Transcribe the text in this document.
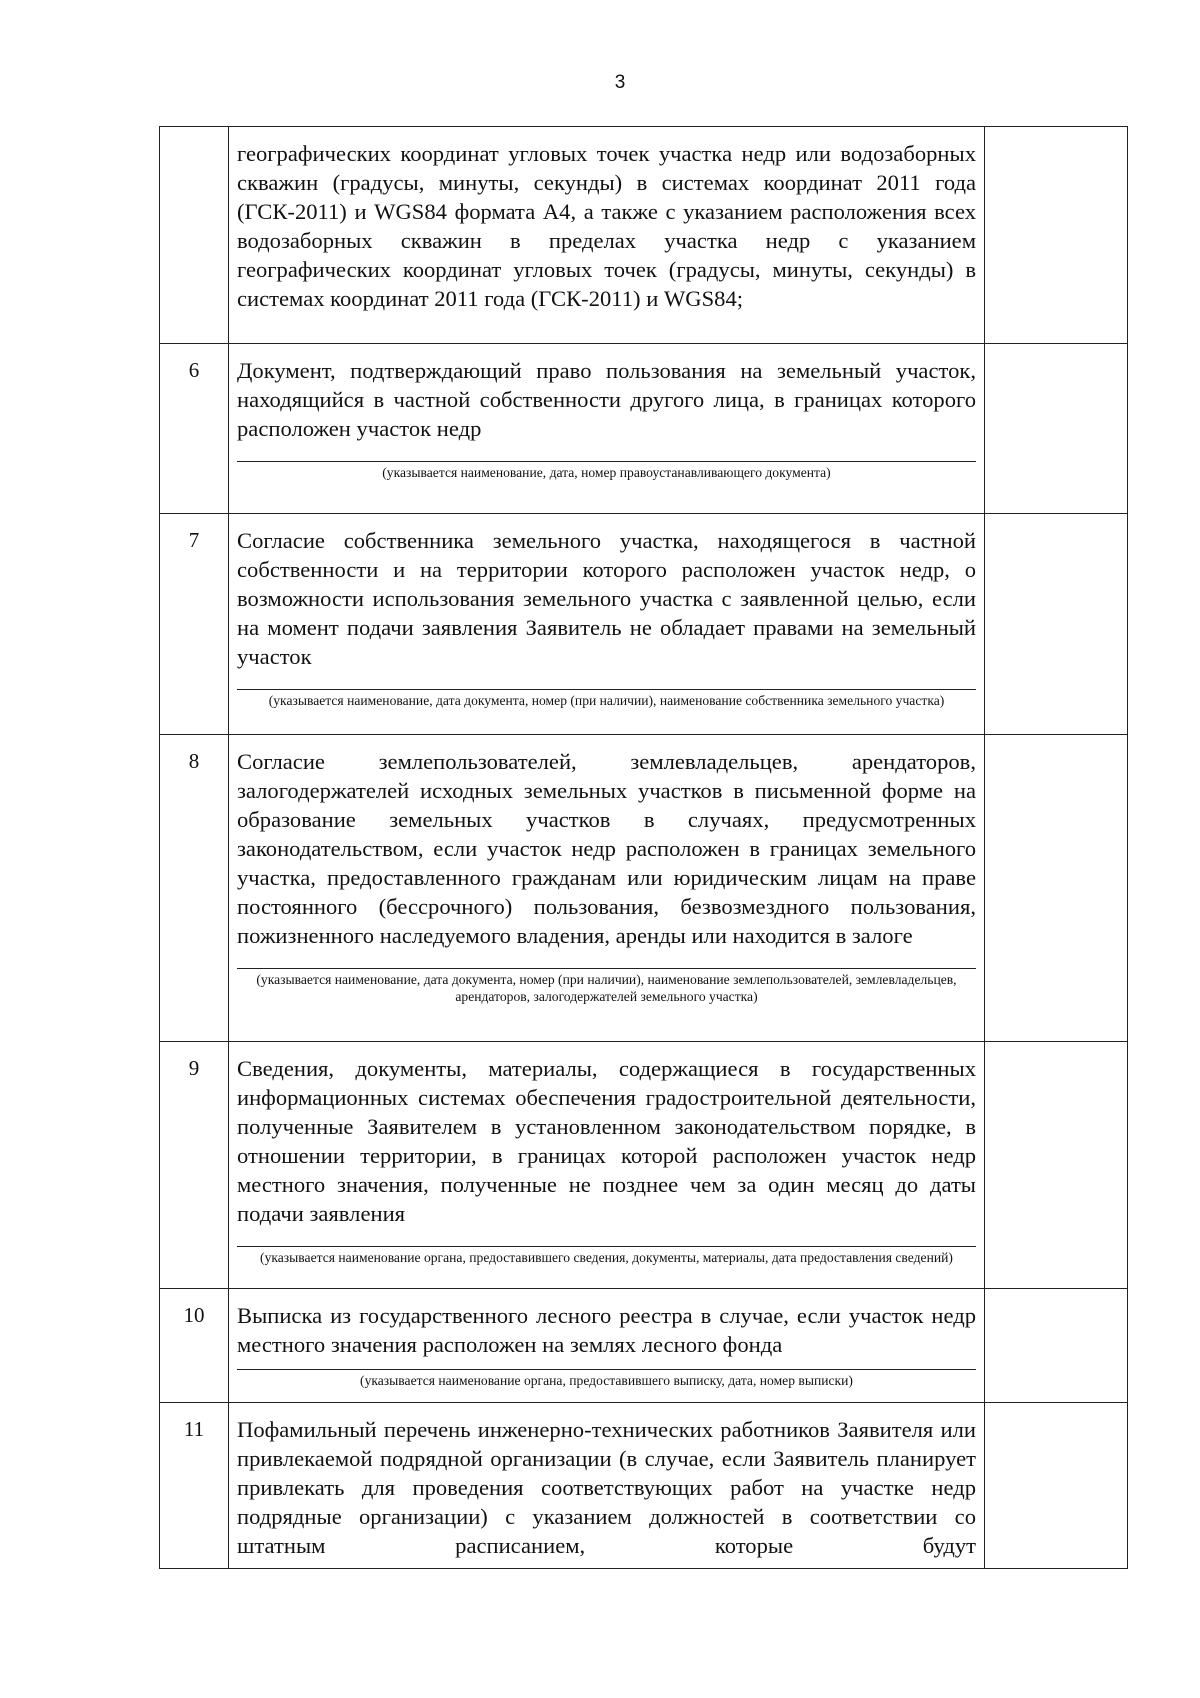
3

	географических координат угловых точек участка недр или водозаборных скважин (градусы, минуты, секунды) в системах координат 2011 года (ГСК-2011) и WGS84 формата А4, а также с указанием расположения всех водозаборных скважин в пределах участка недр с указанием географических координат угловых точек (градусы, минуты, секунды) в системах координат 2011 года (ГСК-2011) и WGS84;	

6	Документ, подтверждающий право пользования на земельный участок, находящийся в частной собственности другого лица, в границах которого расположен участок недр
(указывается наименование, дата, номер правоустанавливающего документа)	

7	Согласие собственника земельного участка, находящегося в частной собственности и на территории которого расположен участок недр, о возможности использования земельного участка с заявленной целью, если на момент подачи заявления Заявитель не обладает правами на земельный участок
(указывается наименование, дата документа, номер (при наличии), наименование собственника земельного участка)	

8	Согласие землепользователей, землевладельцев, арендаторов, залогодержателей исходных земельных участков в письменной форме на образование земельных участков в случаях, предусмотренных законодательством, если участок недр расположен в границах земельного участка, предоставленного гражданам или юридическим лицам на праве постоянного (бессрочного) пользования, безвозмездного пользования, пожизненного наследуемого владения, аренды или находится в залоге
(указывается наименование, дата документа, номер (при наличии), наименование землепользователей, землевладельцев, арендаторов, залогодержателей земельного участка)	

9	Сведения, документы, материалы, содержащиеся в государственных информационных системах обеспечения градостроительной деятельности, полученные Заявителем в установленном законодательством порядке, в отношении территории, в границах которой расположен участок недр местного значения, полученные не позднее чем за один месяц до даты подачи заявления
(указывается наименование органа, предоставившего сведения, документы, материалы, дата предоставления сведений)	

10	Выписка из государственного лесного реестра в случае, если участок недр местного значения расположен на землях лесного фонда
(указывается наименование органа, предоставившего выписку, дата, номер выписки)	

11	Пофамильный перечень инженерно-технических работников Заявителя или привлекаемой подрядной организации (в случае, если Заявитель планирует привлекать для проведения соответствующих работ на участке недр подрядные организации) с указанием должностей в соответствии со штатным расписанием, которые будут	
